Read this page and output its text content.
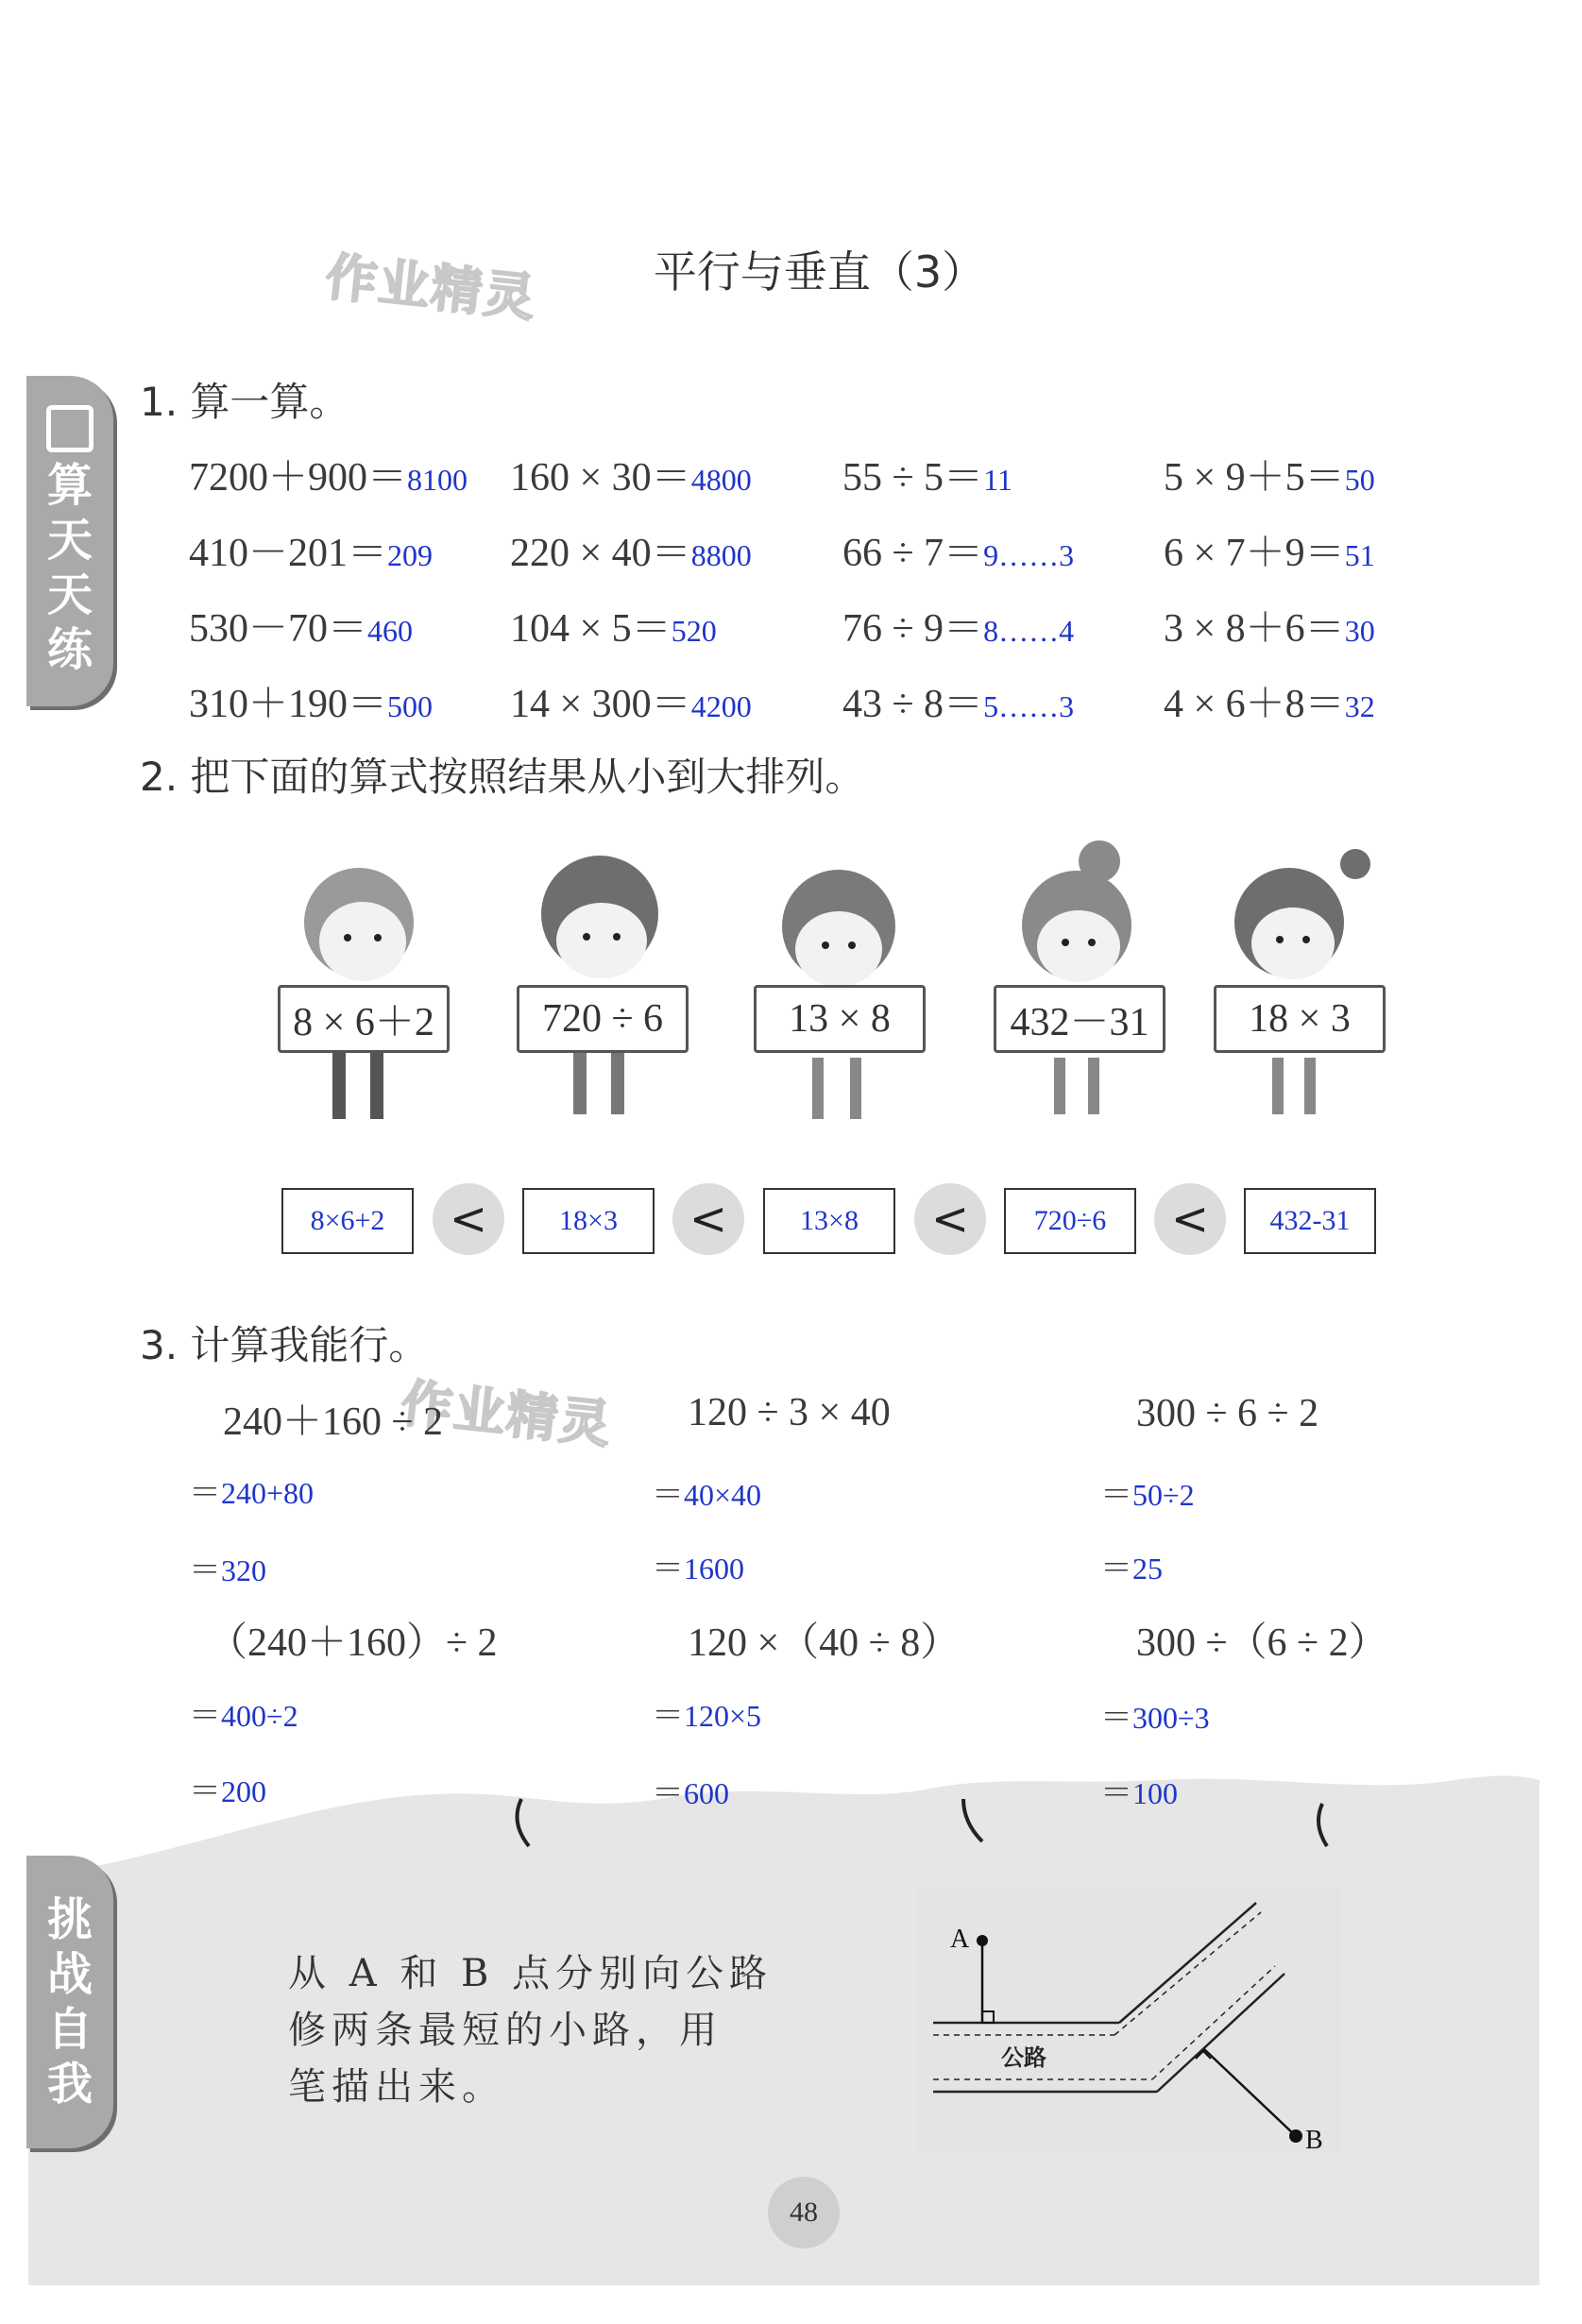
作业精灵	平行与垂直（3）
算
天
天
练
1. 算一算。
7200＋900＝8100 160 × 30＝4800 55 ÷ 5＝11	5 × 9＋5＝50
410－201＝209 220 × 40＝8800 66 ÷ 7＝9……3 6 × 7＋9＝51
530－70＝460 104 × 5＝520	76 ÷ 9＝8……4 3 × 8＋6＝30
310＋190＝500 14 × 300＝4200 43 ÷ 8＝5……3 4 × 6＋8＝32
2. 把下面的算式按照结果从小到大排列。
8 × 6＋2	720 ÷ 6	13 × 8	432－31	18 × 3
8×6+2	<	18×3	<	13×8	<	720÷6	<	432-31
3. 计算我能行。
作业精灵
240＋160 ÷ 2
＝240+80
＝320
120 ÷ 3 × 40
＝40×40
＝1600
300 ÷ 6 ÷ 2
＝50÷2
＝25
（240＋160）÷ 2
＝400÷2
＝200
120 ×（40 ÷ 8）
＝120×5
＝600
300 ÷（6 ÷ 2）
＝300÷3
＝100
挑
战
自
我
从 A 和 B 点分别向公路
修两条最短的小路，用
笔描出来。
A
B
公路
48
